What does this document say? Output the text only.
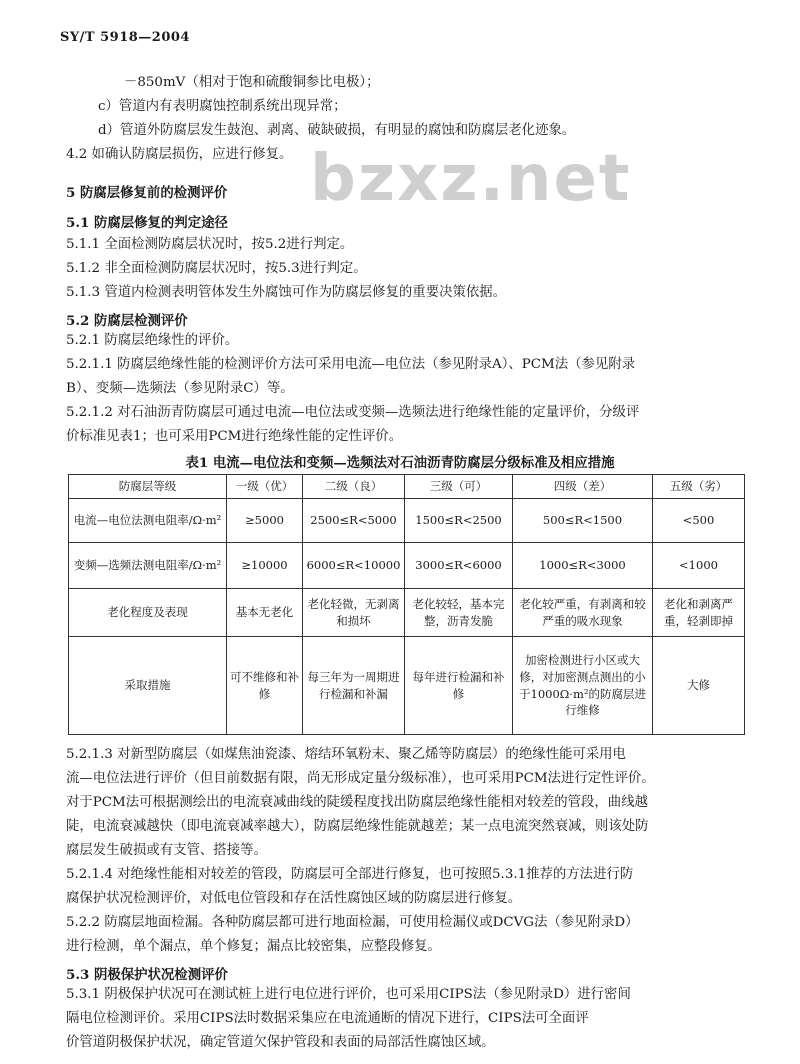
SY/T 5918—2004
bzxz.net
－850mV（相对于饱和硫酸铜参比电极）；
c）管道内有表明腐蚀控制系统出现异常；
d）管道外防腐层发生鼓泡、剥离、破缺破损，有明显的腐蚀和防腐层老化迹象。
4.2 如确认防腐层损伤，应进行修复。
5 防腐层修复前的检测评价
5.1 防腐层修复的判定途径
5.1.1 全面检测防腐层状况时，按5.2进行判定。
5.1.2 非全面检测防腐层状况时，按5.3进行判定。
5.1.3 管道内检测表明管体发生外腐蚀可作为防腐层修复的重要决策依据。
5.2 防腐层检测评价
5.2.1 防腐层绝缘性的评价。
5.2.1.1 防腐层绝缘性能的检测评价方法可采用电流—电位法（参见附录A）、PCM法（参见附录
B）、变频—选频法（参见附录C）等。
5.2.1.2 对石油沥青防腐层可通过电流—电位法或变频—选频法进行绝缘性能的定量评价，分级评
价标准见表1；也可采用PCM进行绝缘性能的定性评价。
表1 电流—电位法和变频—选频法对石油沥青防腐层分级标准及相应措施
防腐层等级	一级（优）	二级（良）	三级（可）	四级（差）	五级（劣）
电流—电位法测电阻率/Ω·m²	≥5000	2500≤R<5000	1500≤R<2500	500≤R<1500	<500
变频—选频法测电阻率/Ω·m²	≥10000	6000≤R<10000	3000≤R<6000	1000≤R<3000	<1000
老化程度及表现	基本无老化	老化轻微，无剥离和损坏	老化较轻，基本完整，沥青发脆	老化较严重，有剥离和较严重的吸水现象	老化和剥离严重，轻剥即掉
采取措施	可不维修和补修	每三年为一周期进行检漏和补漏	每年进行检漏和补修	加密检测进行小区或大修，对加密测点测出的小于1000Ω·m²的防腐层进行维修	大修
5.2.1.3 对新型防腐层（如煤焦油瓷漆、熔结环氧粉末、聚乙烯等防腐层）的绝缘性能可采用电
流—电位法进行评价（但目前数据有限，尚无形成定量分级标准），也可采用PCM法进行定性评价。
对于PCM法可根据测绘出的电流衰减曲线的陡缓程度找出防腐层绝缘性能相对较差的管段，曲线越
陡，电流衰减越快（即电流衰减率越大），防腐层绝缘性能就越差；某一点电流突然衰减，则该处防
腐层发生破损或有支管、搭接等。
5.2.1.4 对绝缘性能相对较差的管段，防腐层可全部进行修复，也可按照5.3.1推荐的方法进行防
腐保护状况检测评价，对低电位管段和存在活性腐蚀区域的防腐层进行修复。
5.2.2 防腐层地面检漏。各种防腐层都可进行地面检漏，可使用检漏仪或DCVG法（参见附录D）
进行检测，单个漏点，单个修复；漏点比较密集，应整段修复。
5.3 阴极保护状况检测评价
5.3.1 阴极保护状况可在测试桩上进行电位进行评价，也可采用CIPS法（参见附录D）进行密间
隔电位检测评价。采用CIPS法时数据采集应在电流通断的情况下进行，CIPS法可全面评
价管道阴极保护状况，确定管道欠保护管段和表面的局部活性腐蚀区域。
